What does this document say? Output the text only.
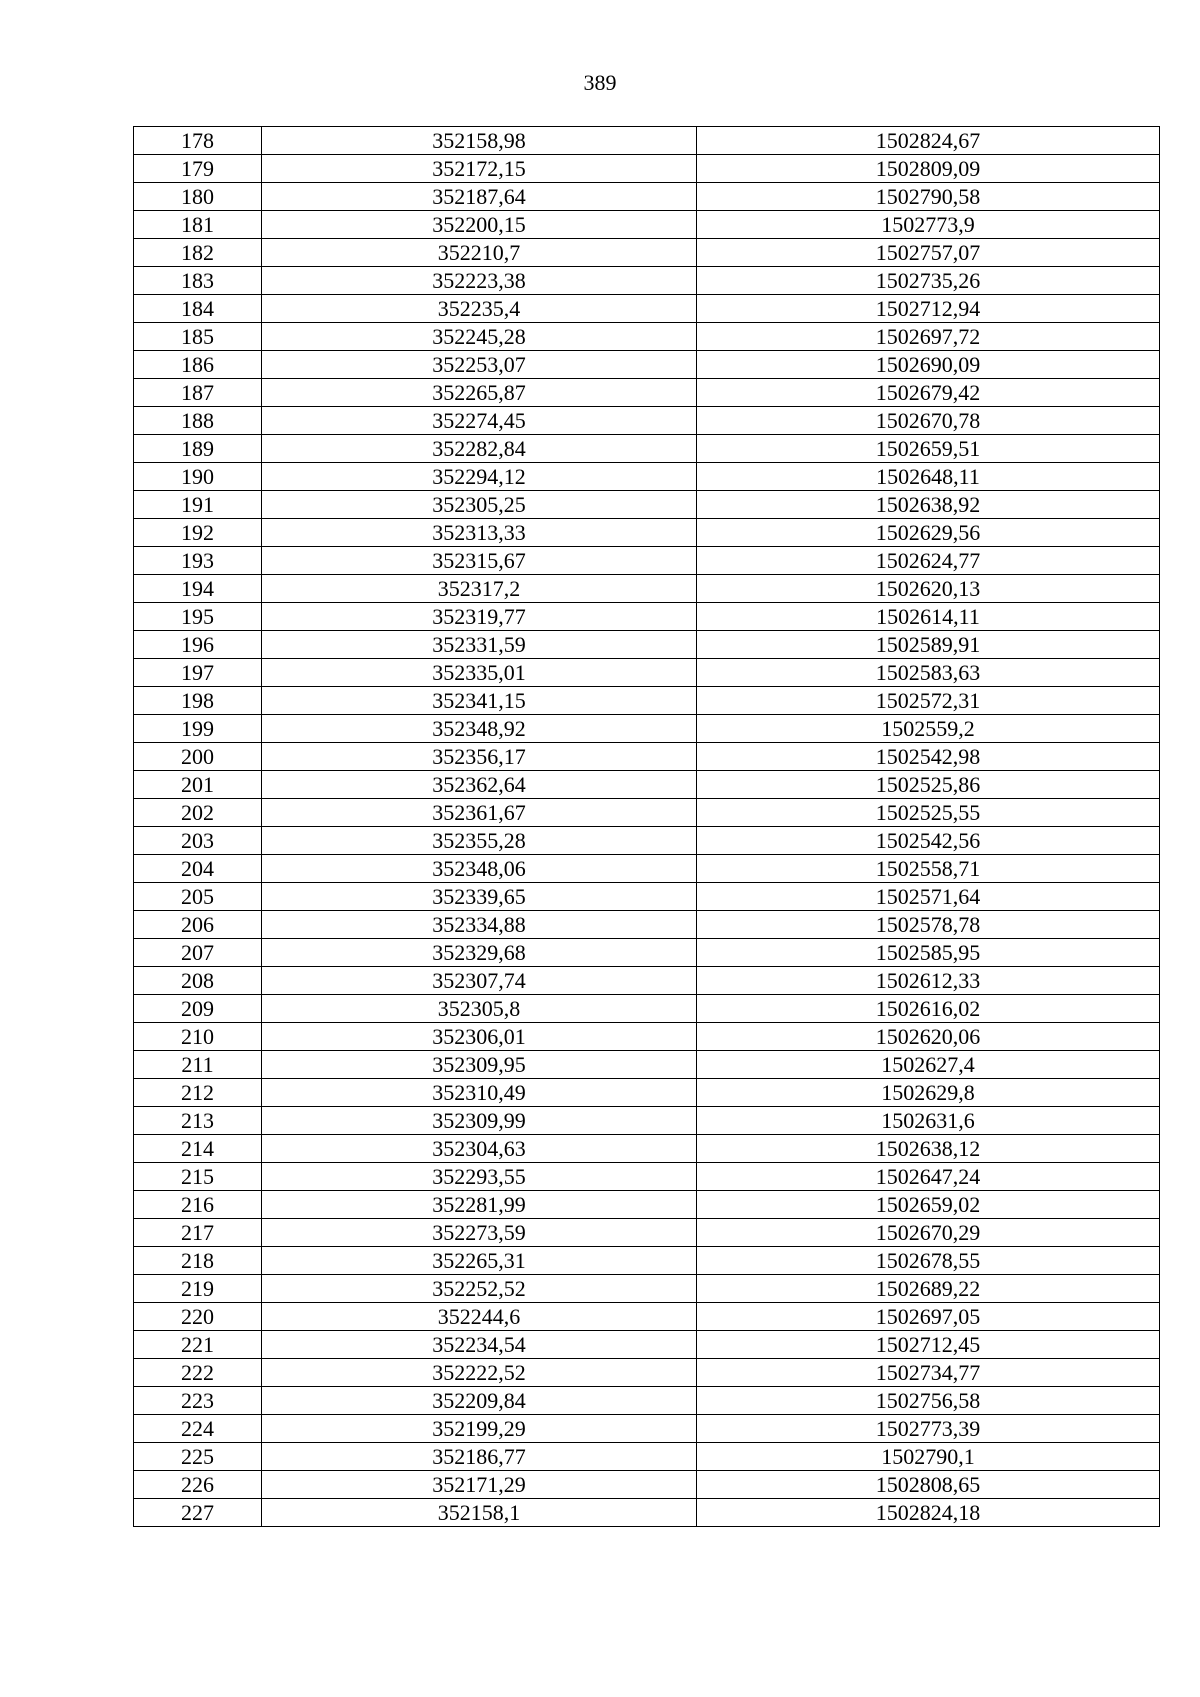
389
178	352158,98	1502824,67
179	352172,15	1502809,09
180	352187,64	1502790,58
181	352200,15	1502773,9
182	352210,7	1502757,07
183	352223,38	1502735,26
184	352235,4	1502712,94
185	352245,28	1502697,72
186	352253,07	1502690,09
187	352265,87	1502679,42
188	352274,45	1502670,78
189	352282,84	1502659,51
190	352294,12	1502648,11
191	352305,25	1502638,92
192	352313,33	1502629,56
193	352315,67	1502624,77
194	352317,2	1502620,13
195	352319,77	1502614,11
196	352331,59	1502589,91
197	352335,01	1502583,63
198	352341,15	1502572,31
199	352348,92	1502559,2
200	352356,17	1502542,98
201	352362,64	1502525,86
202	352361,67	1502525,55
203	352355,28	1502542,56
204	352348,06	1502558,71
205	352339,65	1502571,64
206	352334,88	1502578,78
207	352329,68	1502585,95
208	352307,74	1502612,33
209	352305,8	1502616,02
210	352306,01	1502620,06
211	352309,95	1502627,4
212	352310,49	1502629,8
213	352309,99	1502631,6
214	352304,63	1502638,12
215	352293,55	1502647,24
216	352281,99	1502659,02
217	352273,59	1502670,29
218	352265,31	1502678,55
219	352252,52	1502689,22
220	352244,6	1502697,05
221	352234,54	1502712,45
222	352222,52	1502734,77
223	352209,84	1502756,58
224	352199,29	1502773,39
225	352186,77	1502790,1
226	352171,29	1502808,65
227	352158,1	1502824,18
